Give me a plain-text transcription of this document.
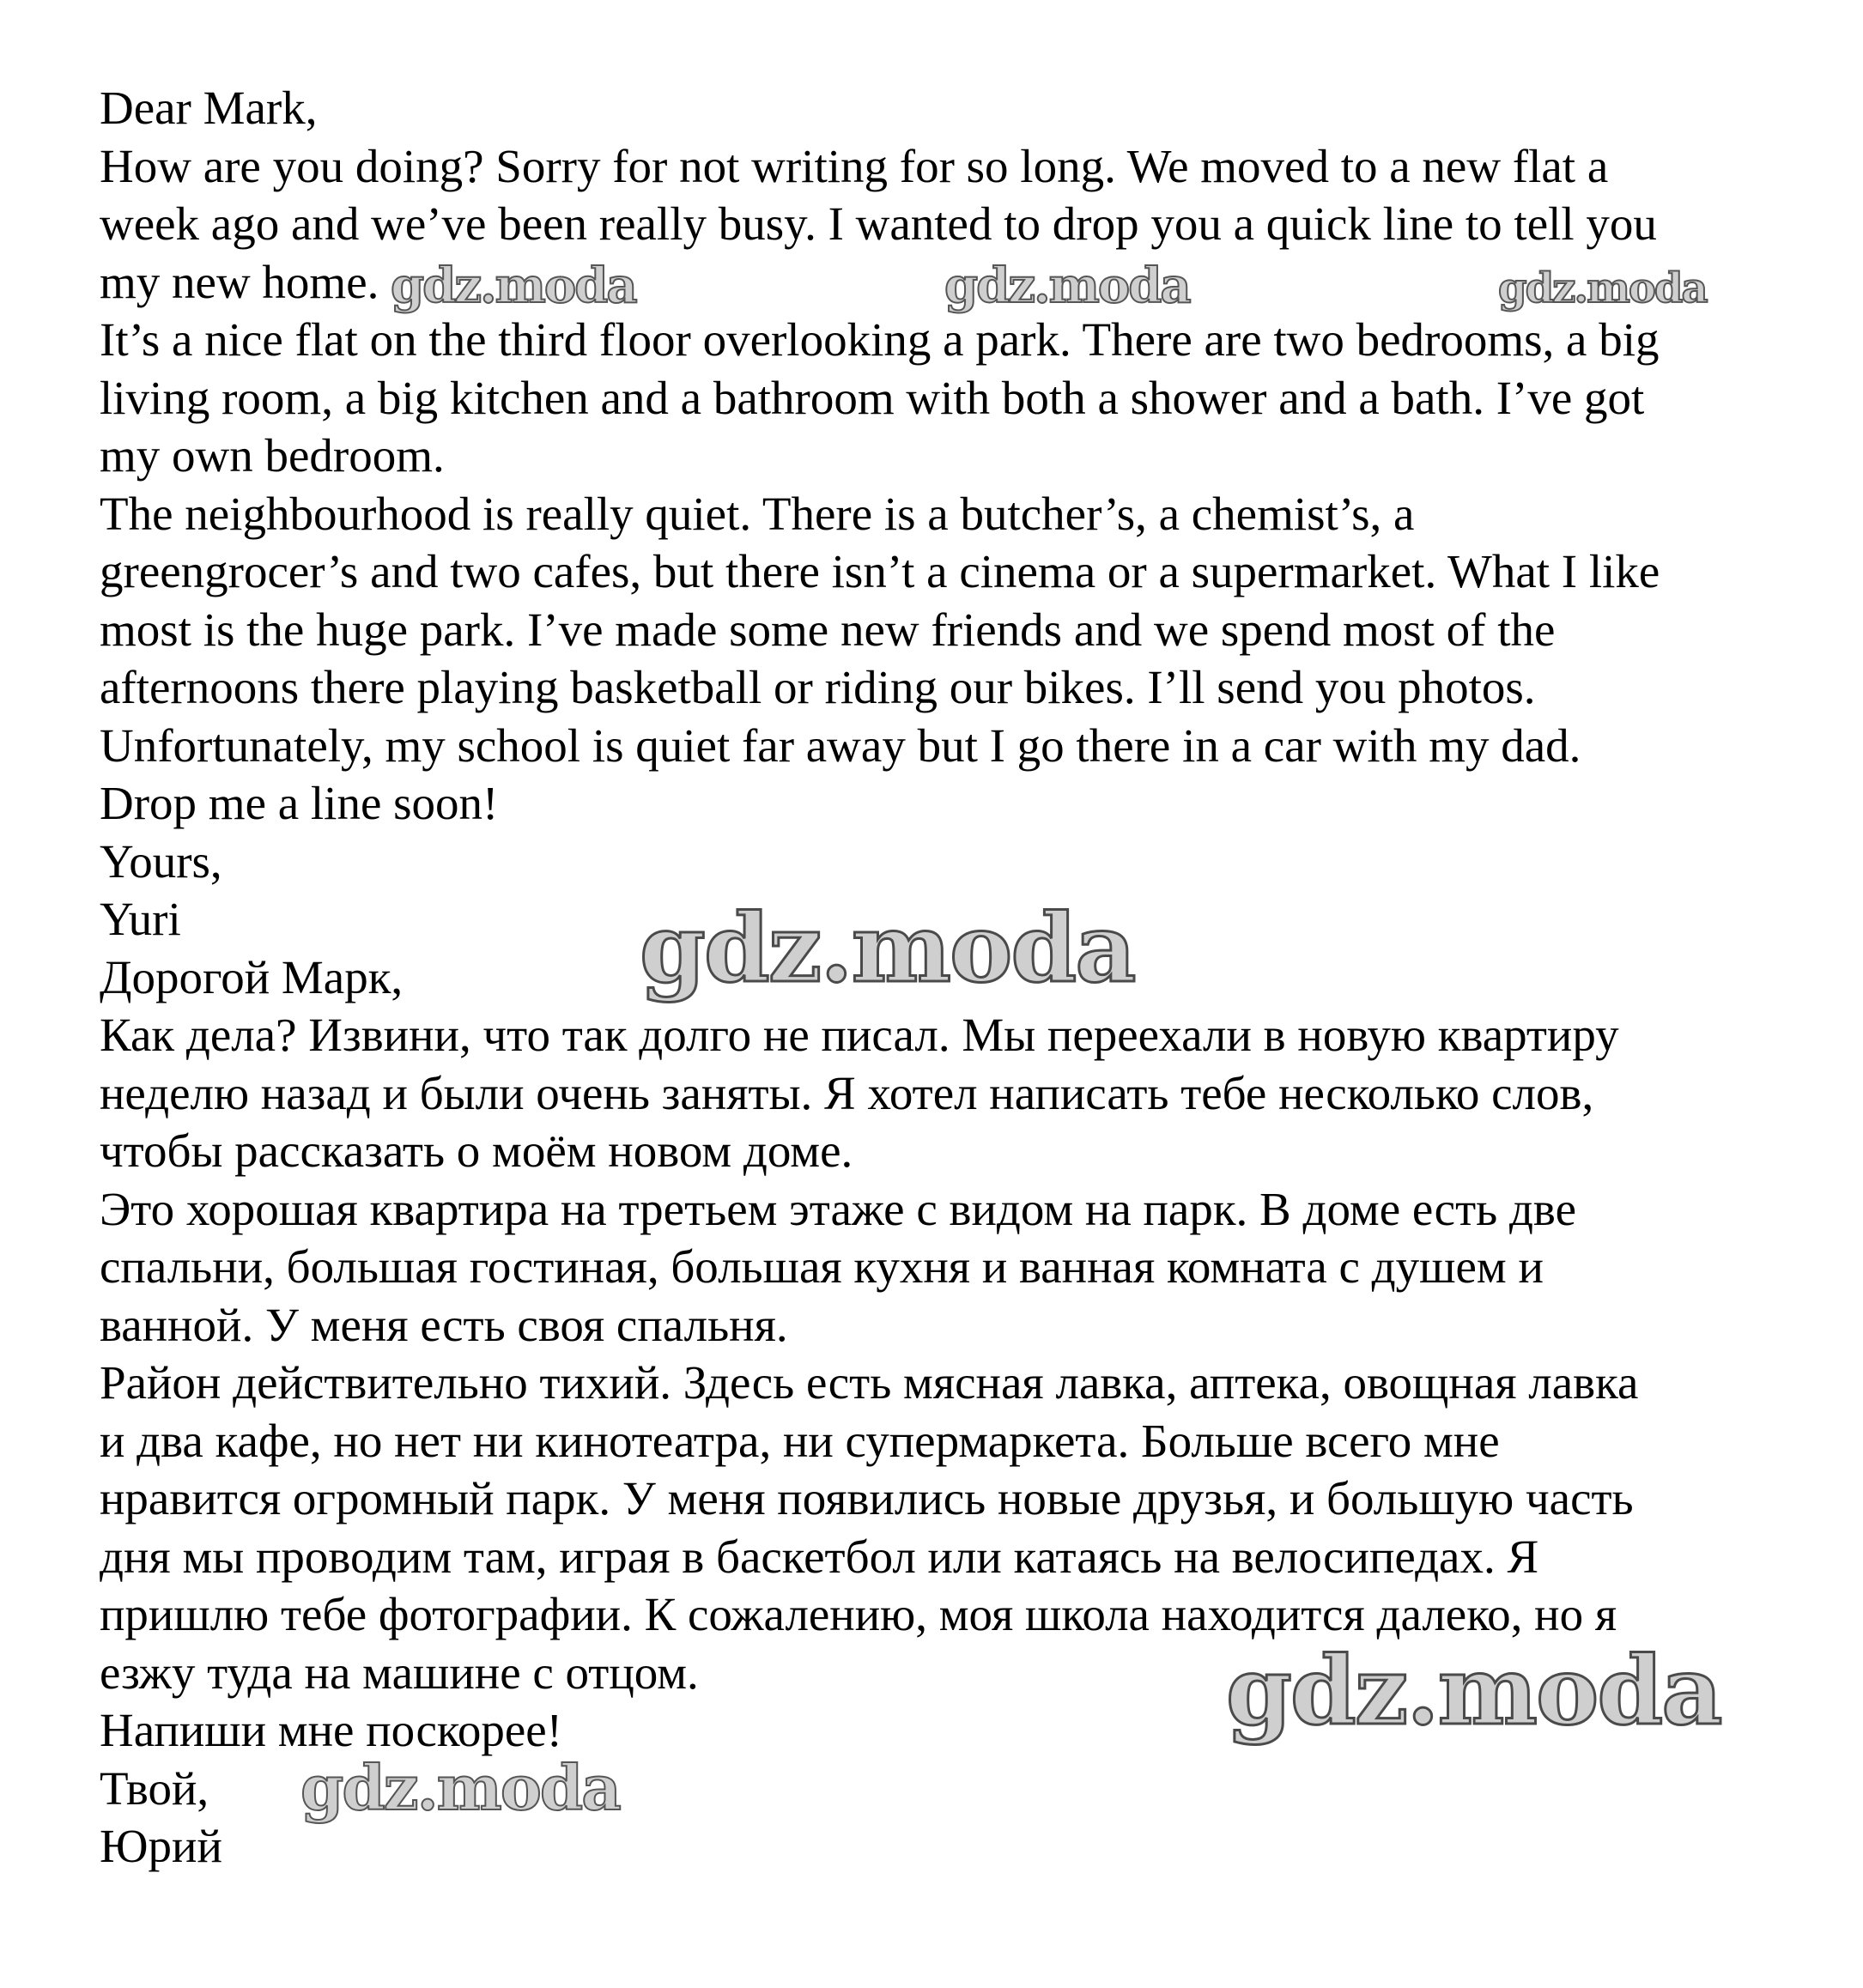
Dear Mark,

How are you doing? Sorry for not writing for so long. We moved to a new flat a

week ago and we’ve been really busy. I wanted to drop you a quick line to tell you

my new home.

It’s a nice flat on the third floor overlooking a park. There are two bedrooms, a big

living room, a big kitchen and a bathroom with both a shower and a bath. I’ve got

my own bedroom.

The neighbourhood is really quiet. There is a butcher’s, a chemist’s, a

greengrocer’s and two cafes, but there isn’t a cinema or a supermarket. What I like

most is the huge park. I’ve made some new friends and we spend most of the

afternoons there playing basketball or riding our bikes. I’ll send you photos.

Unfortunately, my school is quiet far away but I go there in a car with my dad.

Drop me a line soon!

Yours,

Yuri

Дорогой Марк,

Как дела? Извини, что так долго не писал. Мы переехали в новую квартиру

неделю назад и были очень заняты. Я хотел написать тебе несколько слов,

чтобы рассказать о моём новом доме.

Это хорошая квартира на третьем этаже с видом на парк. В доме есть две

спальни, большая гостиная, большая кухня и ванная комната с душем и

ванной. У меня есть своя спальня.

Район действительно тихий. Здесь есть мясная лавка, аптека, овощная лавка

и два кафе, но нет ни кинотеатра, ни супермаркета. Больше всего мне

нравится огромный парк. У меня появились новые друзья, и большую часть

дня мы проводим там, играя в баскетбол или катаясь на велосипедах. Я

пришлю тебе фотографии. К сожалению, моя школа находится далеко, но я

езжу туда на машине с отцом.

Напиши мне поскорее!

Твой,

Юрий

gdz.moda	gdz.moda	gdz.moda
gdz.moda
gdz.moda
gdz.moda
